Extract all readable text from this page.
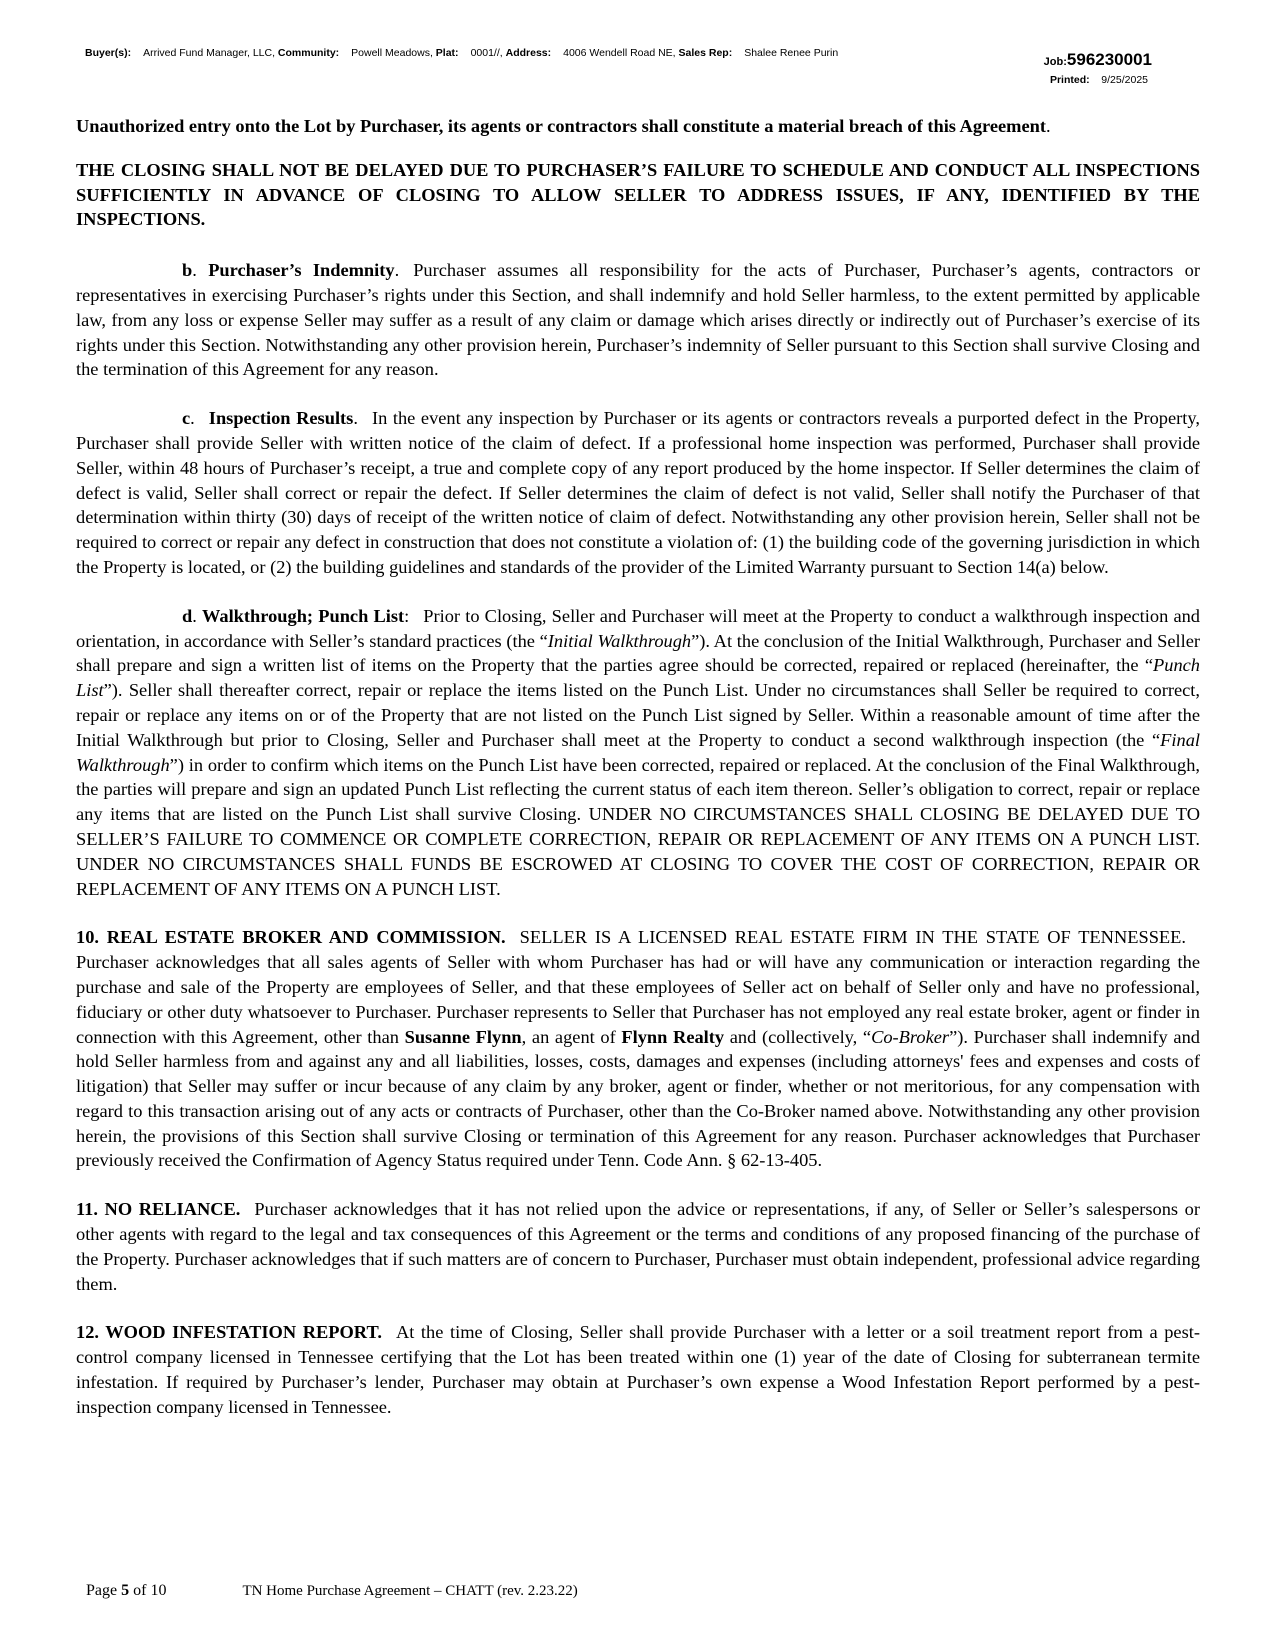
Buyer(s): Arrived Fund Manager, LLC, Community: Powell Meadows, Plat: 0001//, Address: 4006 Wendell Road NE, Sales Rep: Shalee Renee Purin
Job:596230001
Printed: 9/25/2025

Unauthorized entry onto the Lot by Purchaser, its agents or contractors shall constitute a material breach of this Agreement.

THE CLOSING SHALL NOT BE DELAYED DUE TO PURCHASER’S FAILURE TO SCHEDULE AND CONDUCT ALL INSPECTIONS SUFFICIENTLY IN ADVANCE OF CLOSING TO ALLOW SELLER TO ADDRESS ISSUES, IF ANY, IDENTIFIED BY THE INSPECTIONS.

b. Purchaser’s Indemnity. Purchaser assumes all responsibility for the acts of Purchaser, Purchaser’s agents, contractors or representatives in exercising Purchaser’s rights under this Section, and shall indemnify and hold Seller harmless, to the extent permitted by applicable law, from any loss or expense Seller may suffer as a result of any claim or damage which arises directly or indirectly out of Purchaser’s exercise of its rights under this Section. Notwithstanding any other provision herein, Purchaser’s indemnity of Seller pursuant to this Section shall survive Closing and the termination of this Agreement for any reason.

c. Inspection Results. In the event any inspection by Purchaser or its agents or contractors reveals a purported defect in the Property, Purchaser shall provide Seller with written notice of the claim of defect. If a professional home inspection was performed, Purchaser shall provide Seller, within 48 hours of Purchaser’s receipt, a true and complete copy of any report produced by the home inspector. If Seller determines the claim of defect is valid, Seller shall correct or repair the defect. If Seller determines the claim of defect is not valid, Seller shall notify the Purchaser of that determination within thirty (30) days of receipt of the written notice of claim of defect. Notwithstanding any other provision herein, Seller shall not be required to correct or repair any defect in construction that does not constitute a violation of: (1) the building code of the governing jurisdiction in which the Property is located, or (2) the building guidelines and standards of the provider of the Limited Warranty pursuant to Section 14(a) below.

d. Walkthrough; Punch List: Prior to Closing, Seller and Purchaser will meet at the Property to conduct a walkthrough inspection and orientation, in accordance with Seller’s standard practices (the “Initial Walkthrough”). At the conclusion of the Initial Walkthrough, Purchaser and Seller shall prepare and sign a written list of items on the Property that the parties agree should be corrected, repaired or replaced (hereinafter, the “Punch List”). Seller shall thereafter correct, repair or replace the items listed on the Punch List. Under no circumstances shall Seller be required to correct, repair or replace any items on or of the Property that are not listed on the Punch List signed by Seller. Within a reasonable amount of time after the Initial Walkthrough but prior to Closing, Seller and Purchaser shall meet at the Property to conduct a second walkthrough inspection (the “Final Walkthrough”) in order to confirm which items on the Punch List have been corrected, repaired or replaced. At the conclusion of the Final Walkthrough, the parties will prepare and sign an updated Punch List reflecting the current status of each item thereon. Seller’s obligation to correct, repair or replace any items that are listed on the Punch List shall survive Closing. UNDER NO CIRCUMSTANCES SHALL CLOSING BE DELAYED DUE TO SELLER’S FAILURE TO COMMENCE OR COMPLETE CORRECTION, REPAIR OR REPLACEMENT OF ANY ITEMS ON A PUNCH LIST. UNDER NO CIRCUMSTANCES SHALL FUNDS BE ESCROWED AT CLOSING TO COVER THE COST OF CORRECTION, REPAIR OR REPLACEMENT OF ANY ITEMS ON A PUNCH LIST.

10. REAL ESTATE BROKER AND COMMISSION. SELLER IS A LICENSED REAL ESTATE FIRM IN THE STATE OF TENNESSEE.Purchaser acknowledges that all sales agents of Seller with whom Purchaser has had or will have any communication or interaction regarding the purchase and sale of the Property are employees of Seller, and that these employees of Seller act on behalf of Seller only and have no professional, fiduciary or other duty whatsoever to Purchaser. Purchaser represents to Seller that Purchaser has not employed any real estate broker, agent or finder in connection with this Agreement, other than Susanne Flynn, an agent of Flynn Realty and (collectively, “Co-Broker”). Purchaser shall indemnify and hold Seller harmless from and against any and all liabilities, losses, costs, damages and expenses (including attorneys' fees and expenses and costs of litigation) that Seller may suffer or incur because of any claim by any broker, agent or finder, whether or not meritorious, for any compensation with regard to this transaction arising out of any acts or contracts of Purchaser, other than the Co-Broker named above. Notwithstanding any other provision herein, the provisions of this Section shall survive Closing or termination of this Agreement for any reason. Purchaser acknowledges that Purchaser previously received the Confirmation of Agency Status required under Tenn. Code Ann. § 62-13-405.

11. NO RELIANCE. Purchaser acknowledges that it has not relied upon the advice or representations, if any, of Seller or Seller’s salespersons or other agents with regard to the legal and tax consequences of this Agreement or the terms and conditions of any proposed financing of the purchase of the Property. Purchaser acknowledges that if such matters are of concern to Purchaser, Purchaser must obtain independent, professional advice regarding them.

12. WOOD INFESTATION REPORT. At the time of Closing, Seller shall provide Purchaser with a letter or a soil treatment report from a pest-control company licensed in Tennessee certifying that the Lot has been treated within one (1) year of the date of Closing for subterranean termite infestation. If required by Purchaser’s lender, Purchaser may obtain at Purchaser’s own expense a Wood Infestation Report performed by a pest-inspection company licensed in Tennessee.

Page 5 of 10	TN Home Purchase Agreement – CHATT (rev. 2.23.22)
